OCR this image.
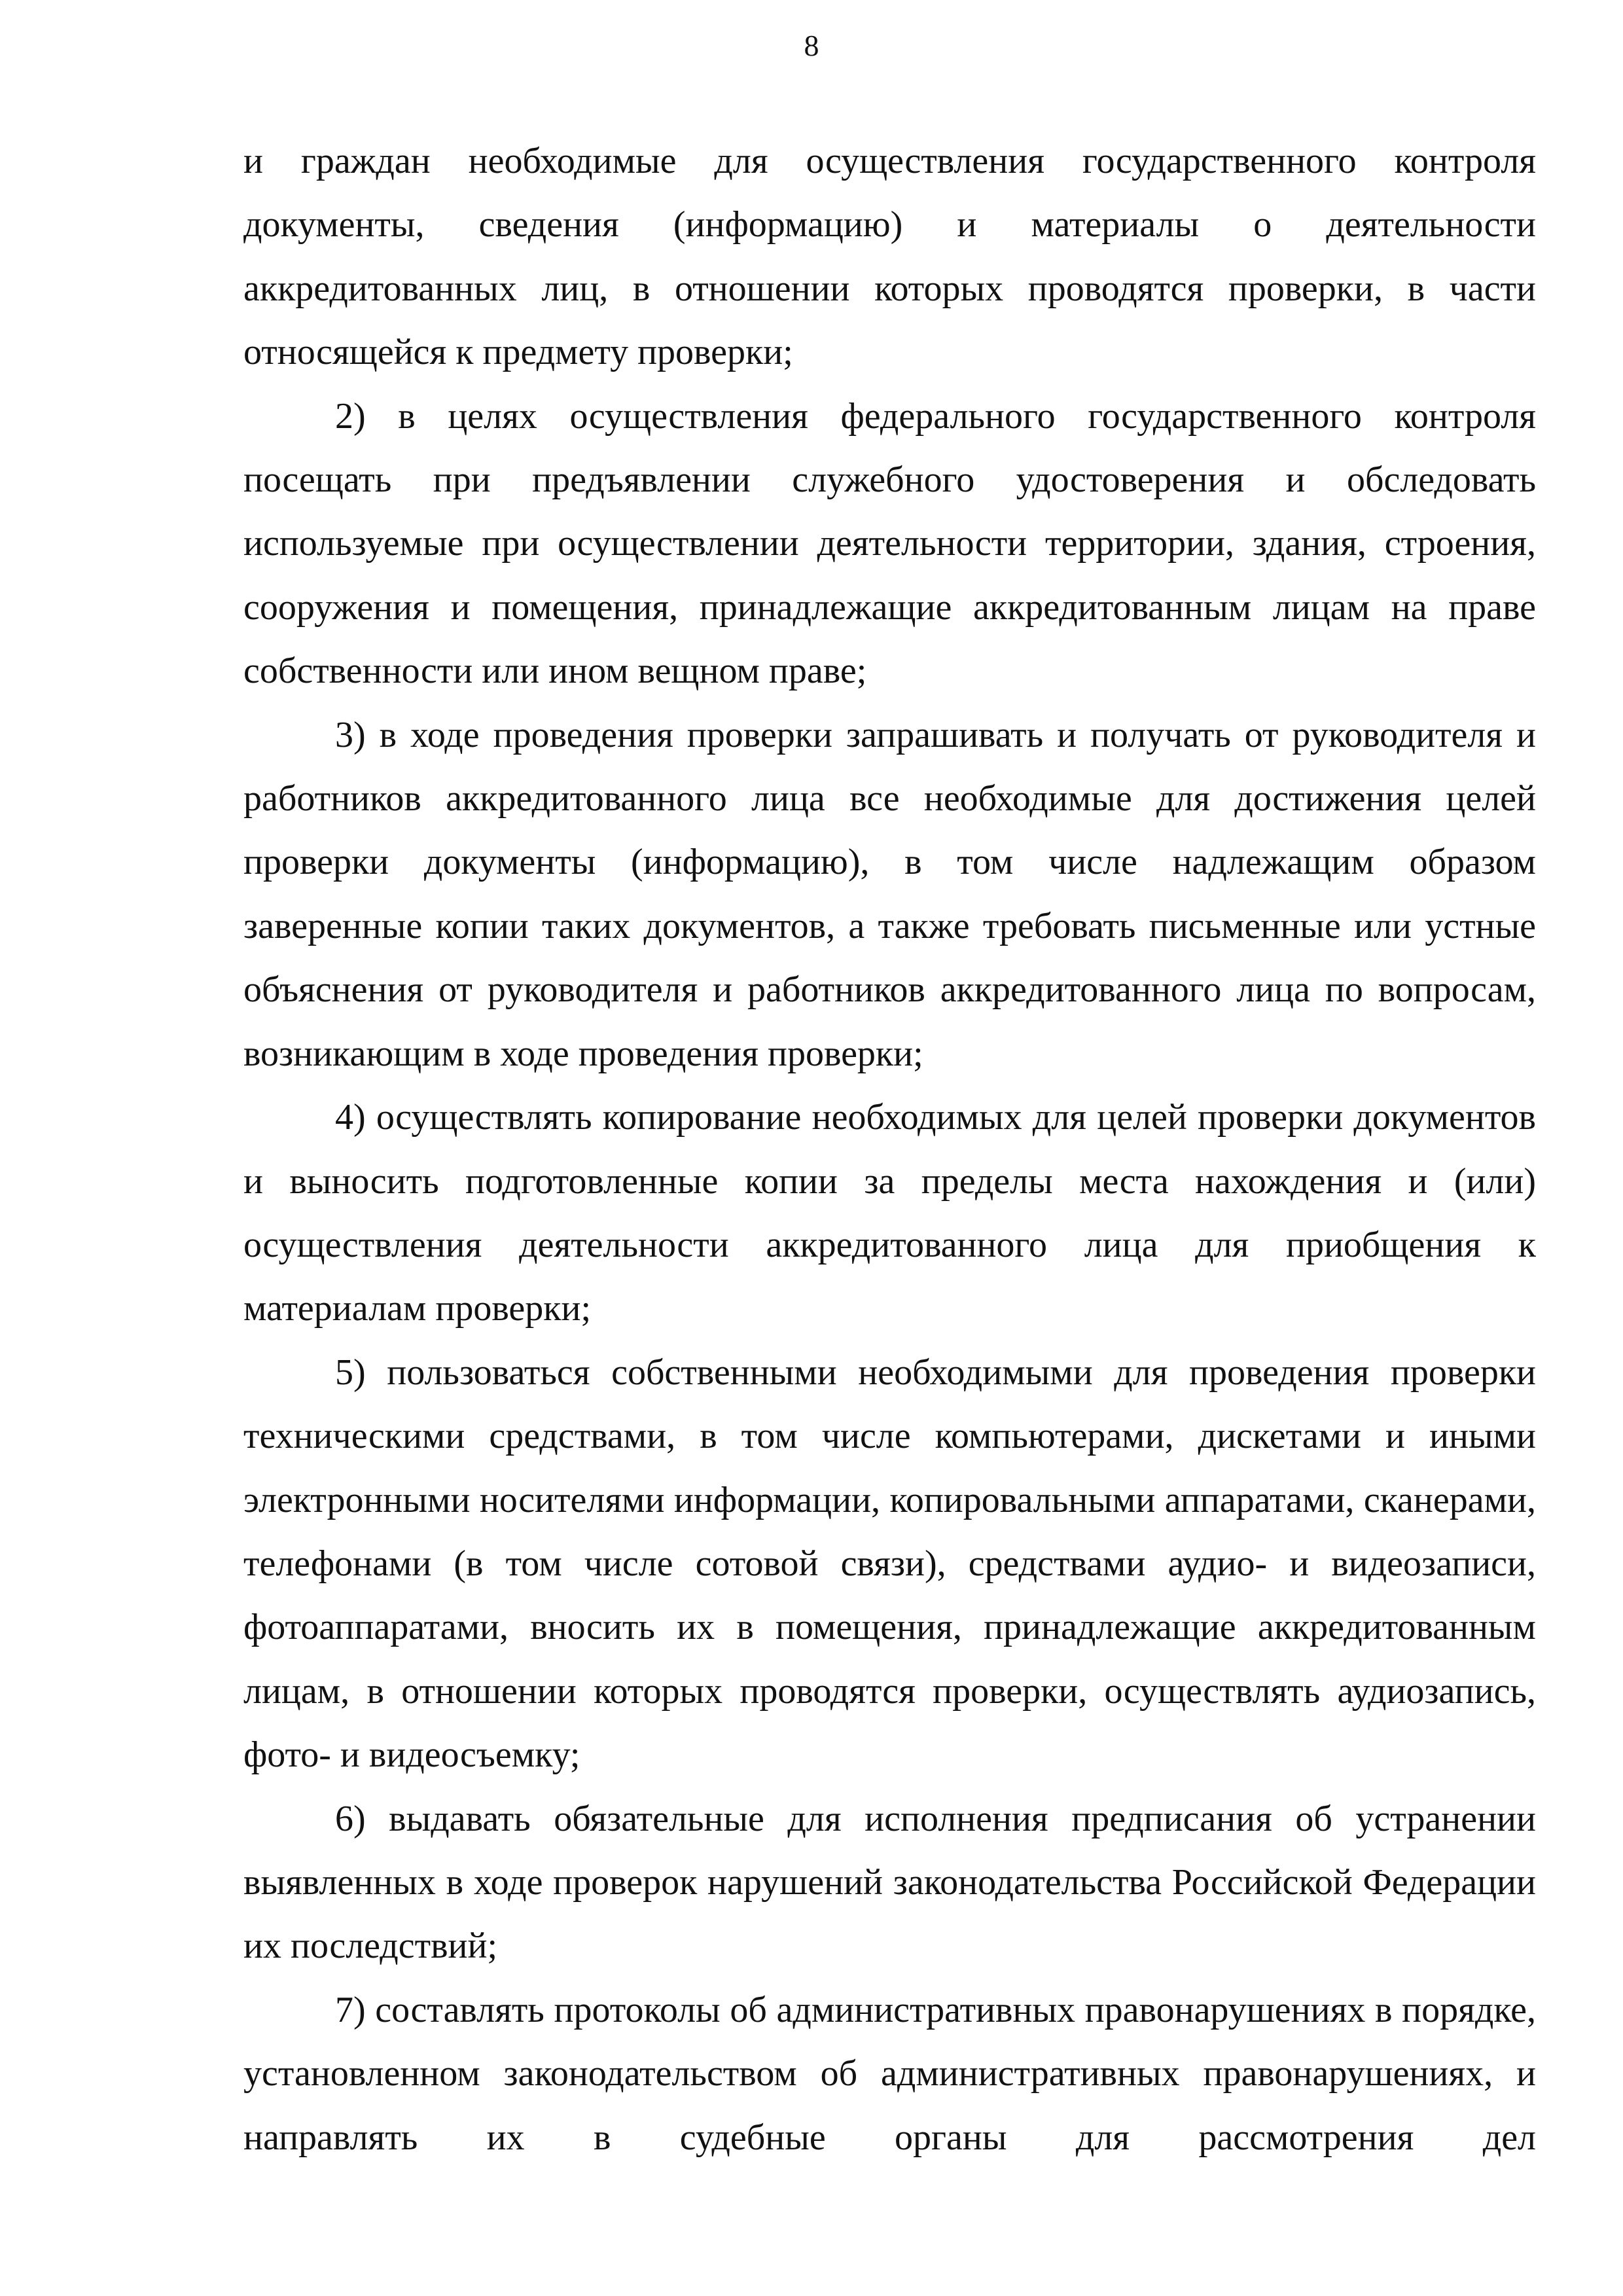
8

и граждан необходимые для осуществления государственного контроля документы, сведения (информацию) и материалы о деятельности аккредитованных лиц, в отношении которых проводятся проверки, в части относящейся к предмету проверки;

2) в целях осуществления федерального государственного контроля посещать при предъявлении служебного удостоверения и обследовать используемые при осуществлении деятельности территории, здания, строения, сооружения и помещения, принадлежащие аккредитованным лицам на праве собственности или ином вещном праве;

3) в ходе проведения проверки запрашивать и получать от руководителя и работников аккредитованного лица все необходимые для достижения целей проверки документы (информацию), в том числе надлежащим образом заверенные копии таких документов, а также требовать письменные или устные объяснения от руководителя и работников аккредитованного лица по вопросам, возникающим в ходе проведения проверки;

4) осуществлять копирование необходимых для целей проверки документов и выносить подготовленные копии за пределы места нахождения и (или) осуществления деятельности аккредитованного лица для приобщения к материалам проверки;

5) пользоваться собственными необходимыми для проведения проверки техническими средствами, в том числе компьютерами, дискетами и иными электронными носителями информации, копировальными аппаратами, сканерами, телефонами (в том числе сотовой связи), средствами аудио- и видеозаписи, фотоаппаратами, вносить их в помещения, принадлежащие аккредитованным лицам, в отношении которых проводятся проверки, осуществлять аудиозапись, фото- и видеосъемку;

6) выдавать обязательные для исполнения предписания об устранении выявленных в ходе проверок нарушений законодательства Российской Федерации их последствий;

7) составлять протоколы об административных правонарушениях в порядке, установленном законодательством об административных правонарушениях, и направлять их в судебные органы для рассмотрения дел
